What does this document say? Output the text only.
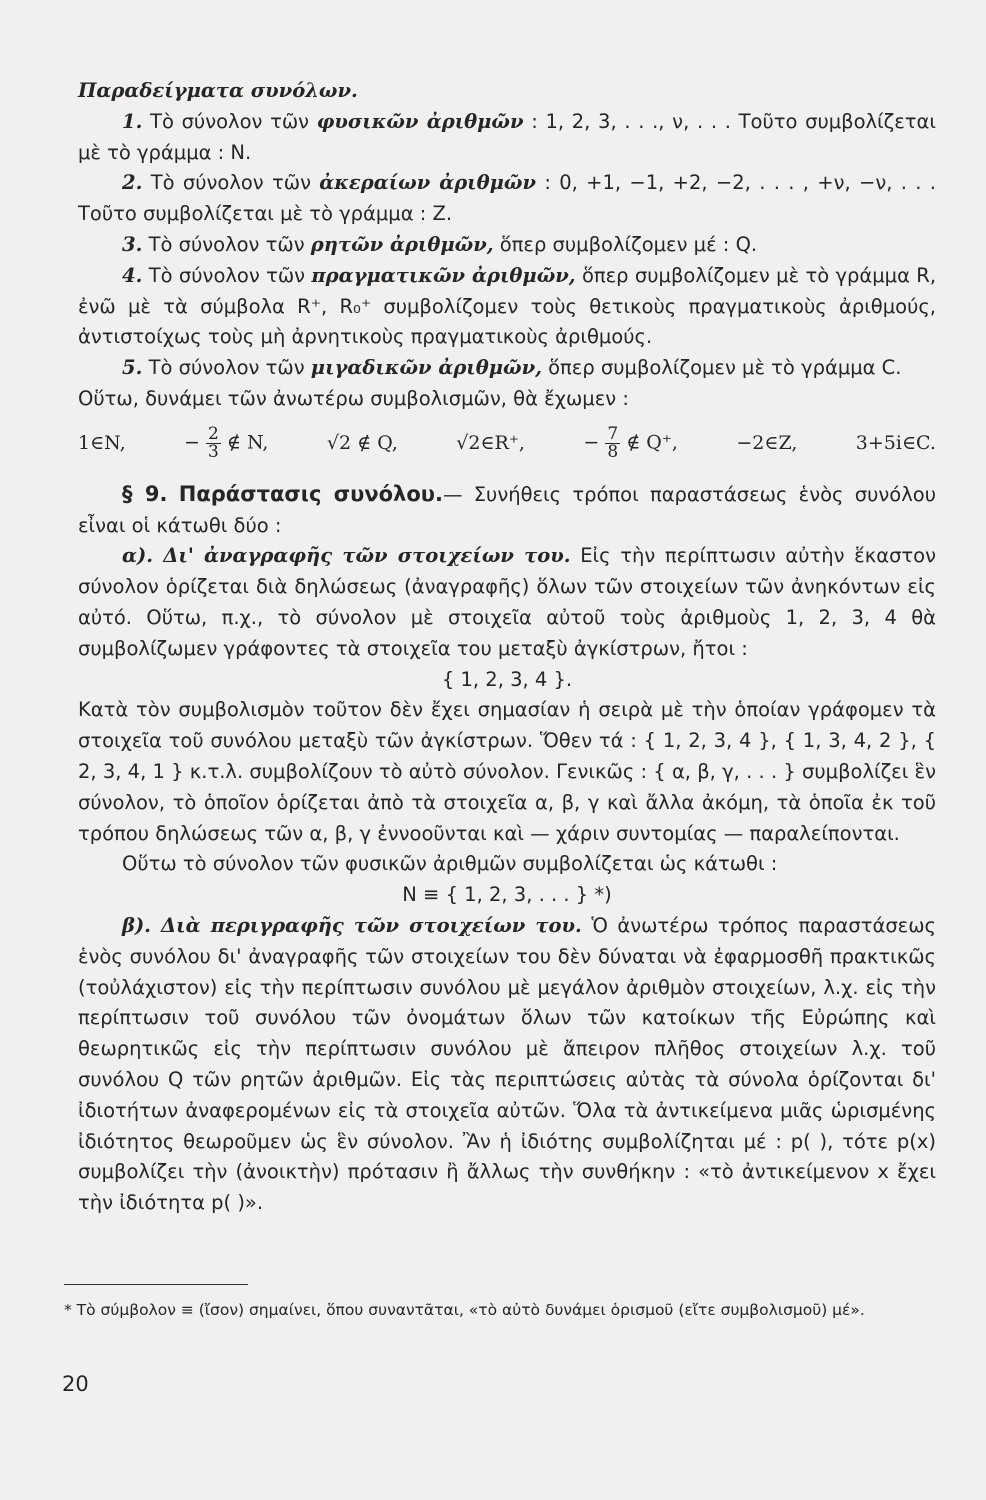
Παραδείγματα συνόλων.

1. Τὸ σύνολον τῶν φυσικῶν ἀριθμῶν : 1, 2, 3, . . ., ν, . . . Τοῦτο συμβολίζεται μὲ τὸ γράμμα : N.

2. Τὸ σύνολον τῶν ἀκεραίων ἀριθμῶν : 0, +1, −1, +2, −2, . . . , +ν, −ν, . . . Τοῦτο συμβολίζεται μὲ τὸ γράμμα : Z.

3. Τὸ σύνολον τῶν ρητῶν ἀριθμῶν, ὅπερ συμβολίζομεν μέ : Q.

4. Τὸ σύνολον τῶν πραγματικῶν ἀριθμῶν, ὅπερ συμβολίζομεν μὲ τὸ γράμμα R, ἐνῶ μὲ τὰ σύμβολα R⁺, R₀⁺ συμβολίζομεν τοὺς θετικοὺς πραγματικοὺς ἀριθμούς, ἀντιστοίχως τοὺς μὴ ἀρνητικοὺς πραγματικοὺς ἀριθμούς.

5. Τὸ σύνολον τῶν μιγαδικῶν ἀριθμῶν, ὅπερ συμβολίζομεν μὲ τὸ γράμμα C.

Οὕτω, δυνάμει τῶν ἀνωτέρω συμβολισμῶν, θὰ ἔχωμεν :

1∈N,	− $\frac{2}{3}$ ∉ N,	√2 ∉ Q,	√2∈R⁺,	− $\frac{7}{8}$ ∉ Q⁺,	−2∈Z,	3+5i∈C.

§ 9. Παράστασις συνόλου.— Συνήθεις τρόποι παραστάσεως ἑνὸς συνόλου εἶναι οἱ κάτωθι δύο :

α). Δι' ἀναγραφῆς τῶν στοιχείων του. Εἰς τὴν περίπτωσιν αὐτὴν ἕκαστον σύνολον ὁρίζεται διὰ δηλώσεως (ἀναγραφῆς) ὅλων τῶν στοιχείων τῶν ἀνηκόντων εἰς αὐτό. Οὕτω, π.χ., τὸ σύνολον μὲ στοιχεῖα αὐτοῦ τοὺς ἀριθμοὺς 1, 2, 3, 4 θὰ συμβολίζωμεν γράφοντες τὰ στοιχεῖα του μεταξὺ ἀγκίστρων, ἤτοι :

{ 1, 2, 3, 4 }.

Κατὰ τὸν συμβολισμὸν τοῦτον δὲν ἔχει σημασίαν ἡ σειρὰ μὲ τὴν ὁποίαν γράφομεν τὰ στοιχεῖα τοῦ συνόλου μεταξὺ τῶν ἀγκίστρων. Ὅθεν τά : { 1, 2, 3, 4 }, { 1, 3, 4, 2 }, { 2, 3, 4, 1 } κ.τ.λ. συμβολίζουν τὸ αὐτὸ σύνολον. Γενικῶς : { α, β, γ, . . . } συμβολίζει ἓν σύνολον, τὸ ὁποῖον ὁρίζεται ἀπὸ τὰ στοιχεῖα α, β, γ καὶ ἄλλα ἀκόμη, τὰ ὁποῖα ἐκ τοῦ τρόπου δηλώσεως τῶν α, β, γ ἐννοοῦνται καὶ — χάριν συντομίας — παραλείπονται.

Οὕτω τὸ σύνολον τῶν φυσικῶν ἀριθμῶν συμβολίζεται ὡς κάτωθι :

N ≡ { 1, 2, 3, . . . } *)

β). Διὰ περιγραφῆς τῶν στοιχείων του. Ὁ ἀνωτέρω τρόπος παραστάσεως ἑνὸς συνόλου δι' ἀναγραφῆς τῶν στοιχείων του δὲν δύναται νὰ ἐφαρμοσθῆ πρακτικῶς (τοὐλάχιστον) εἰς τὴν περίπτωσιν συνόλου μὲ μεγάλον ἀριθμὸν στοιχείων, λ.χ. εἰς τὴν περίπτωσιν τοῦ συνόλου τῶν ὀνομάτων ὅλων τῶν κατοίκων τῆς Εὐρώπης καὶ θεωρητικῶς εἰς τὴν περίπτωσιν συνόλου μὲ ἄπειρον πλῆθος στοιχείων λ.χ. τοῦ συνόλου Q τῶν ρητῶν ἀριθμῶν. Εἰς τὰς περιπτώσεις αὐτὰς τὰ σύνολα ὁρίζονται δι' ἰδιοτήτων ἀναφερομένων εἰς τὰ στοιχεῖα αὐτῶν. Ὅλα τὰ ἀντικείμενα μιᾶς ὡρισμένης ἰδιότητος θεωροῦμεν ὡς ἓν σύνολον. Ἂν ἡ ἰδιότης συμβολίζηται μέ : p( ), τότε p(x) συμβολίζει τὴν (ἀνοικτὴν) πρότασιν ἢ ἄλλως τὴν συνθήκην : «τὸ ἀντικείμενον x ἔχει τὴν ἰδιότητα p( )».

* Τὸ σύμβολον ≡ (ἴσον) σημαίνει, ὅπου συναντᾶται, «τὸ αὐτὸ δυνάμει ὁρισμοῦ (εἴτε συμβολισμοῦ) μέ».

20
